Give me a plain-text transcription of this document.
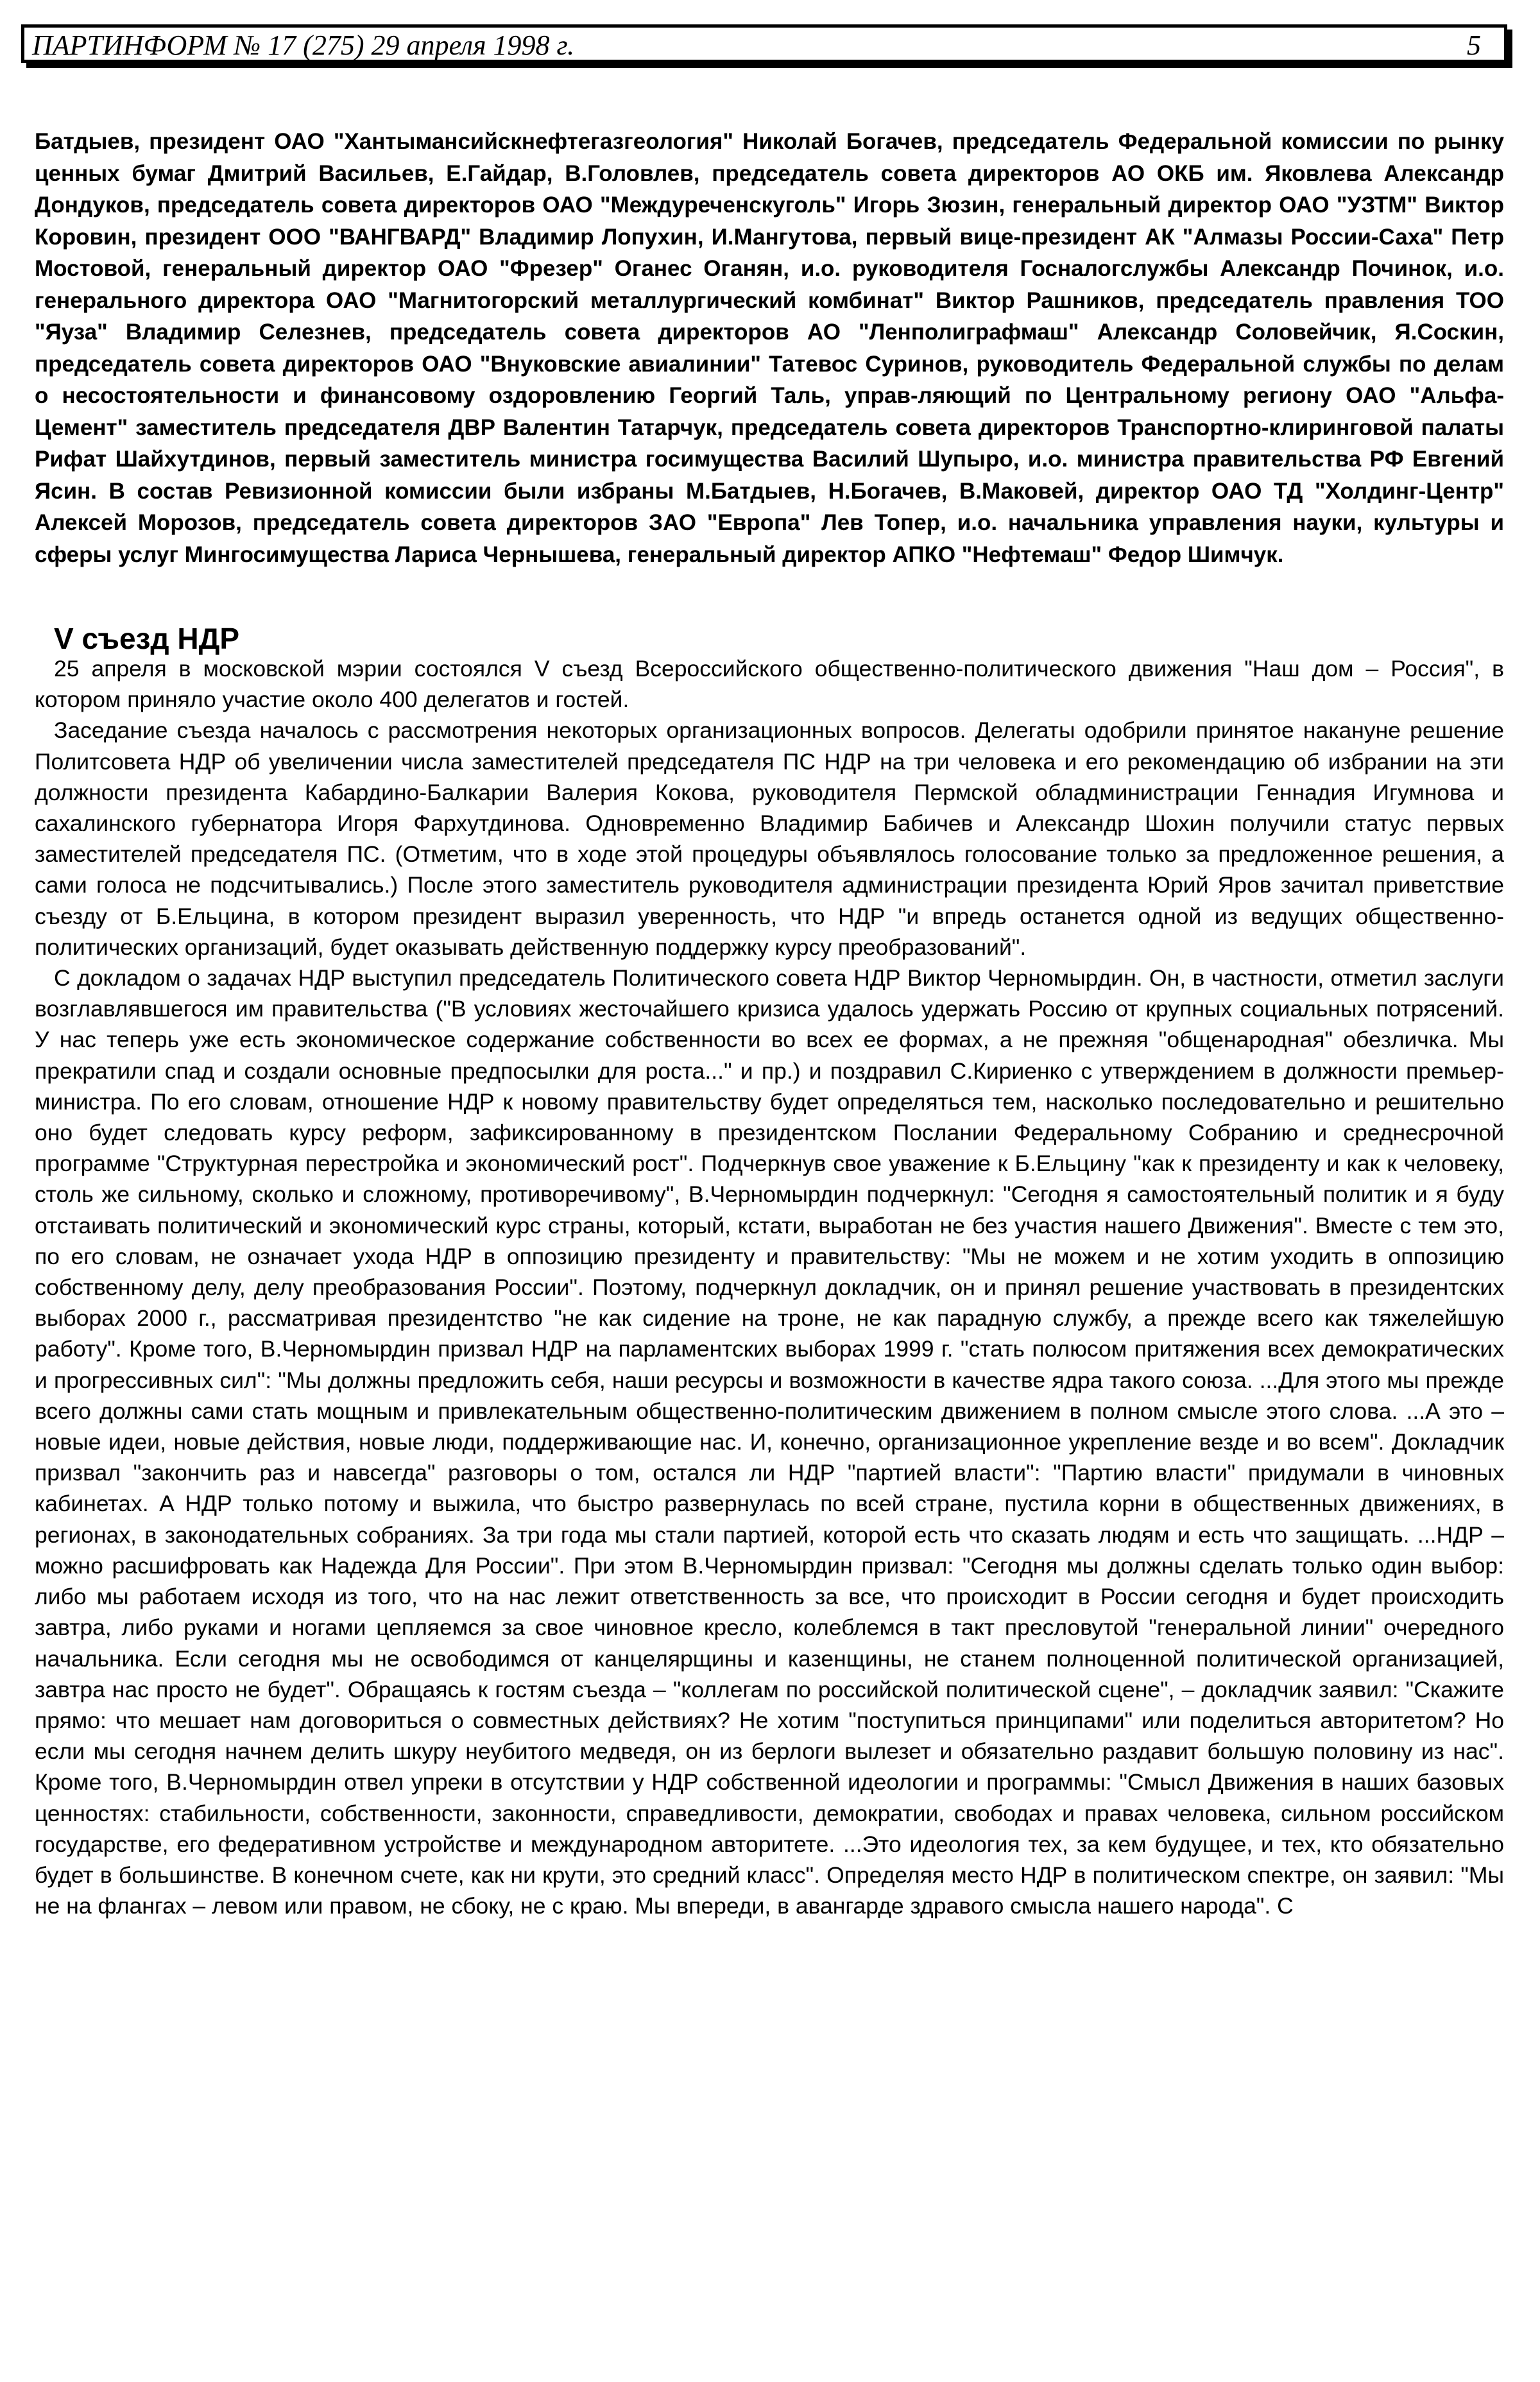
ПАРТИНФОРМ № 17 (275) 29 апреля 1998 г.	5

Батдыев, президент ОАО "Хантымансийскнефтегазгеология" Николай Богачев, председатель Федеральной комиссии по рынку ценных бумаг Дмитрий Васильев, Е.Гайдар, В.Головлев, председатель совета директоров АО ОКБ им. Яковлева Александр Дондуков, председатель совета директоров ОАО "Междуреченскуголь" Игорь Зюзин, генеральный директор ОАО "УЗТМ" Виктор Коровин, президент ООО "ВАНГВАРД" Владимир Лопухин, И.Мангутова, первый вице-президент АК "Алмазы России-Саха" Петр Мостовой, генеральный директор ОАО "Фрезер" Оганес Оганян, и.о. руководителя Госналогслужбы Александр Починок, и.о. генерального директора ОАО "Магнитогорский металлургический комбинат" Виктор Рашников, председатель правления ТОО "Яуза" Владимир Селезнев, председатель совета директоров АО "Ленполиграфмаш" Александр Соловейчик, Я.Соскин, председатель совета директоров ОАО "Внуковские авиалинии" Татевос Суринов, руководитель Федеральной службы по делам о несостоятельности и финансовому оздоровлению Георгий Таль, управ-ляющий по Центральному региону ОАО "Альфа-Цемент" заместитель председателя ДВР Валентин Татарчук, председатель совета директоров Транспортно-клиринговой палаты Рифат Шайхутдинов, первый заместитель министра госимущества Василий Шупыро, и.о. министра правительства РФ Евгений Ясин. В состав Ревизионной комиссии были избраны М.Батдыев, Н.Богачев, В.Маковей, директор ОАО ТД "Холдинг-Центр" Алексей Морозов, председатель совета директоров ЗАО "Европа" Лев Топер, и.о. начальника управления науки, культуры и сферы услуг Мингосимущества Лариса Чернышева, генеральный директор АПКО "Нефтемаш" Федор Шимчук.

V съезд НДР

25 апреля в московской мэрии состоялся V съезд Всероссийского общественно-политического движения "Наш дом – Россия", в котором приняло участие около 400 делегатов и гостей.

Заседание съезда началось с рассмотрения некоторых организационных вопросов. Делегаты одобрили принятое накануне решение Политсовета НДР об увеличении числа заместителей председателя ПС НДР на три человека и его рекомендацию об избрании на эти должности президента Кабардино-Балкарии Валерия Кокова, руководителя Пермской обладминистрации Геннадия Игумнова и сахалинского губернатора Игоря Фархутдинова. Одновременно Владимир Бабичев и Александр Шохин получили статус первых заместителей председателя ПС. (Отметим, что в ходе этой процедуры объявлялось голосование только за предложенное решения, а сами голоса не подсчитывались.) После этого заместитель руководителя администрации президента Юрий Яров зачитал приветствие съезду от Б.Ельцина, в котором президент выразил уверенность, что НДР "и впредь останется одной из ведущих общественно-политических организаций, будет оказывать действенную поддержку курсу преобразований".

С докладом о задачах НДР выступил председатель Политического совета НДР Виктор Черномырдин. Он, в частности, отметил заслуги возглавлявшегося им правительства ("В условиях жесточайшего кризиса удалось удержать Россию от крупных социальных потрясений. У нас теперь уже есть экономическое содержание собственности во всех ее формах, а не прежняя "общенародная" обезличка. Мы прекратили спад и создали основные предпосылки для роста..." и пр.) и поздравил С.Кириенко с утверждением в должности премьер-министра. По его словам, отношение НДР к новому правительству будет определяться тем, насколько последовательно и решительно оно будет следовать курсу реформ, зафиксированному в президентском Послании Федеральному Собранию и среднесрочной программе "Структурная перестройка и экономический рост". Подчеркнув свое уважение к Б.Ельцину "как к президенту и как к человеку, столь же сильному, сколько и сложному, противоречивому", В.Черномырдин подчеркнул: "Сегодня я самостоятельный политик и я буду отстаивать политический и экономический курс страны, который, кстати, выработан не без участия нашего Движения". Вместе с тем это, по его словам, не означает ухода НДР в оппозицию президенту и правительству: "Мы не можем и не хотим уходить в оппозицию собственному делу, делу преобразования России". Поэтому, подчеркнул докладчик, он и принял решение участвовать в президентских выборах 2000 г., рассматривая президентство "не как сидение на троне, не как парадную службу, а прежде всего как тяжелейшую работу". Кроме того, В.Черномырдин призвал НДР на парламентских выборах 1999 г. "стать полюсом притяжения всех демократических и прогрессивных сил": "Мы должны предложить себя, наши ресурсы и возможности в качестве ядра такого союза. ...Для этого мы прежде всего должны сами стать мощным и привлекательным общественно-политическим движением в полном смысле этого слова. ...А это – новые идеи, новые действия, новые люди, поддерживающие нас. И, конечно, организационное укрепление везде и во всем". Докладчик призвал "закончить раз и навсегда" разговоры о том, остался ли НДР "партией власти": "Партию власти" придумали в чиновных кабинетах. А НДР только потому и выжила, что быстро развернулась по всей стране, пустила корни в общественных движениях, в регионах, в законодательных собраниях. За три года мы стали партией, которой есть что сказать людям и есть что защищать. ...НДР – можно расшифровать как Надежда Для России". При этом В.Черномырдин призвал: "Сегодня мы должны сделать только один выбор: либо мы работаем исходя из того, что на нас лежит ответственность за все, что происходит в России сегодня и будет происходить завтра, либо руками и ногами цепляемся за свое чиновное кресло, колеблемся в такт пресловутой "генеральной линии" очередного начальника. Если сегодня мы не освободимся от канцелярщины и казенщины, не станем полноценной политической организацией, завтра нас просто не будет". Обращаясь к гостям съезда – "коллегам по российской политической сцене", – докладчик заявил: "Скажите прямо: что мешает нам договориться о совместных действиях? Не хотим "поступиться принципами" или поделиться авторитетом? Но если мы сегодня начнем делить шкуру неубитого медведя, он из берлоги вылезет и обязательно раздавит большую половину из нас". Кроме того, В.Черномырдин отвел упреки в отсутствии у НДР собственной идеологии и программы: "Смысл Движения в наших базовых ценностях: стабильности, собственности, законности, справедливости, демократии, свободах и правах человека, сильном российском государстве, его федеративном устройстве и международном авторитете. ...Это идеология тех, за кем будущее, и тех, кто обязательно будет в большинстве. В конечном счете, как ни крути, это средний класс". Определяя место НДР в политическом спектре, он заявил: "Мы не на флангах – левом или правом, не сбоку, не с краю. Мы впереди, в авангарде здравого смысла нашего народа". С
